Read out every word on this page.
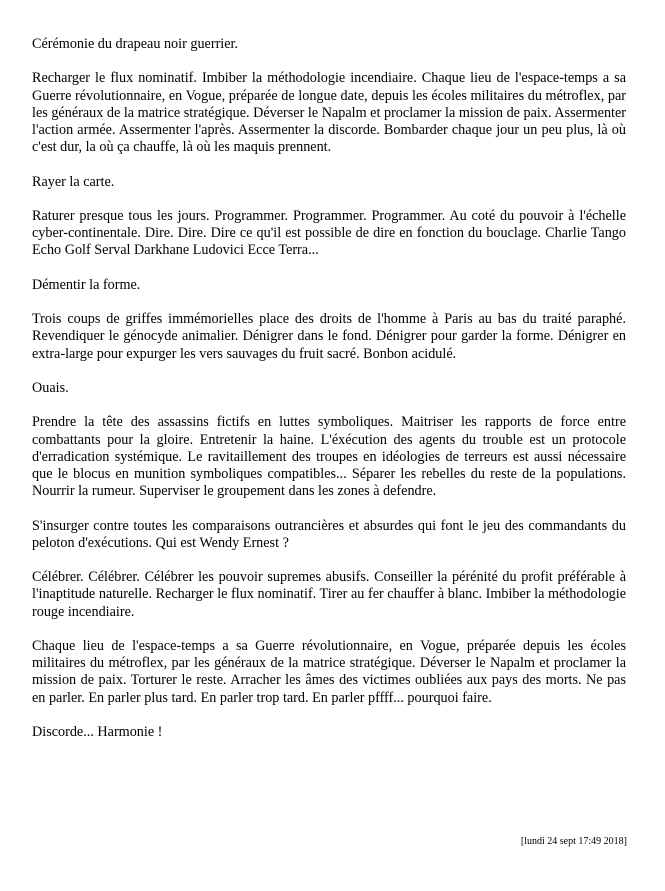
Cérémonie du drapeau noir guerrier.

Recharger le flux nominatif. Imbiber la méthodologie incendiaire. Chaque lieu de l'espace-temps a sa Guerre révolutionnaire, en Vogue, préparée de longue date, depuis les écoles militaires du métroflex, par les généraux de la matrice stratégique. Déverser le Napalm et proclamer la mission de paix. Assermenter l'action armée. Assermenter l'après. Assermenter la discorde. Bombarder chaque jour un peu plus, là où c'est dur, la où ça chauffe, là où les maquis prennent.

Rayer la carte.

Raturer presque tous les jours. Programmer. Programmer. Programmer. Au coté du pouvoir à l'échelle cyber-continentale. Dire. Dire. Dire ce qu'il est possible de dire en fonction du bouclage. Charlie Tango Echo Golf Serval Darkhane Ludovici Ecce Terra...

Démentir la forme.

Trois coups de griffes immémorielles place des droits de l'homme à Paris au bas du traité paraphé. Revendiquer le génocyde animalier. Dénigrer dans le fond. Dénigrer pour garder la forme. Dénigrer en extra-large pour expurger les vers sauvages du fruit sacré. Bonbon acidulé.

Ouais.

Prendre la tête des assassins fictifs en luttes symboliques. Maitriser les rapports de force entre combattants pour la gloire. Entretenir la haine. L'éxécution des agents du trouble est un protocole d'erradication systémique. Le ravitaillement des troupes en idéologies de terreurs est aussi nécessaire que le blocus en munition symboliques compatibles... Séparer les rebelles du reste de la populations. Nourrir la rumeur. Superviser le groupement dans les zones à defendre.

S'insurger contre toutes les comparaisons outrancières et absurdes qui font le jeu des commandants du peloton d'exécutions. Qui est Wendy Ernest ?

Célébrer. Célébrer. Célébrer les pouvoir supremes abusifs. Conseiller la pérénité du profit préférable à l'inaptitude naturelle. Recharger le flux nominatif. Tirer au fer chauffer à blanc. Imbiber la méthodologie rouge incendiaire.

Chaque lieu de l'espace-temps a sa Guerre révolutionnaire, en Vogue, préparée depuis les écoles militaires du métroflex, par les généraux de la matrice stratégique. Déverser le Napalm et proclamer la mission de paix. Torturer le reste. Arracher les âmes des victimes oubliées aux pays des morts. Ne pas en parler. En parler plus tard. En parler trop tard. En parler pffff... pourquoi faire.

Discorde... Harmonie !

[lundi 24 sept 17:49 2018]
